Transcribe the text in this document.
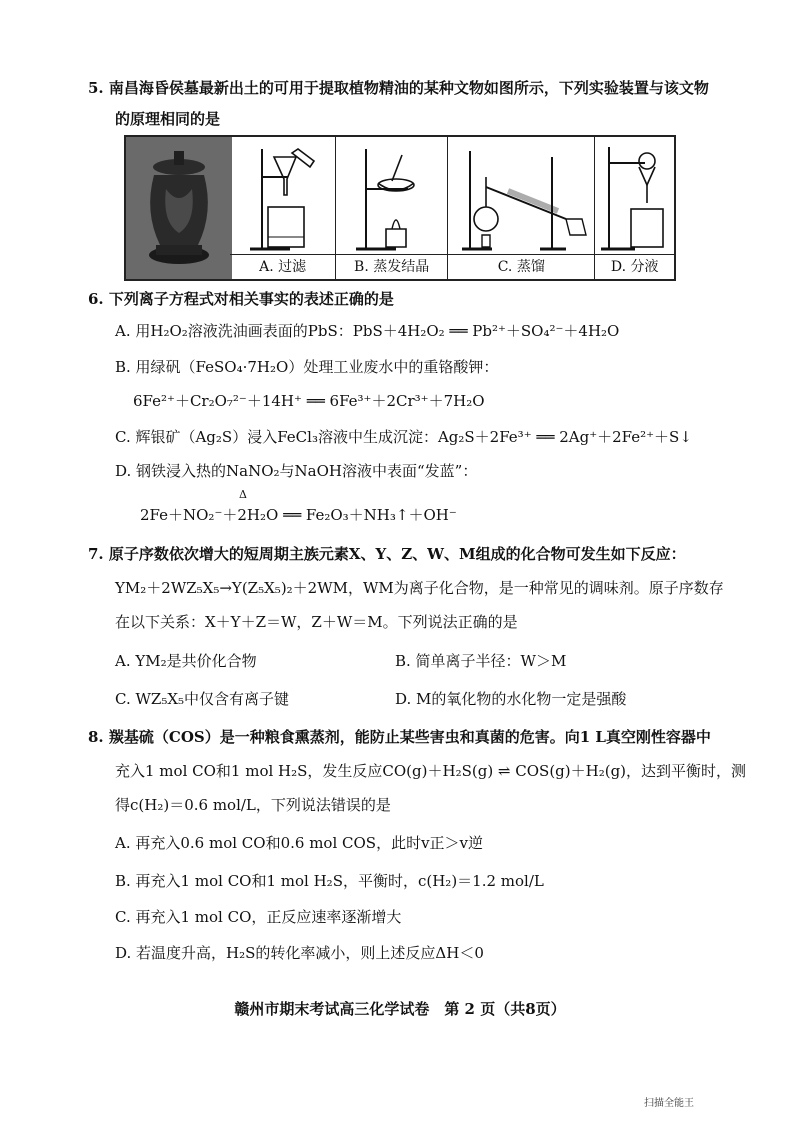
5. 南昌海昏侯墓最新出土的可用于提取植物精油的某种文物如图所示，下列实验装置与该文物
的原理相同的是
A. 过滤	B. 蒸发结晶	C. 蒸馏	D. 分液
6. 下列离子方程式对相关事实的表述正确的是
A. 用H₂O₂溶液洗油画表面的PbS：PbS＋4H₂O₂ ══ Pb²⁺＋SO₄²⁻＋4H₂O
B. 用绿矾（FeSO₄·7H₂O）处理工业废水中的重铬酸钾：
6Fe²⁺＋Cr₂O₇²⁻＋14H⁺ ══ 6Fe³⁺＋2Cr³⁺＋7H₂O
C. 辉银矿（Ag₂S）浸入FeCl₃溶液中生成沉淀：Ag₂S＋2Fe³⁺ ══ 2Ag⁺＋2Fe²⁺＋S↓
D. 钢铁浸入热的NaNO₂与NaOH溶液中表面“发蓝”：
Δ
2Fe＋NO₂⁻＋2H₂O ══ Fe₂O₃＋NH₃↑＋OH⁻
7. 原子序数依次增大的短周期主族元素X、Y、Z、W、M组成的化合物可发生如下反应：
YM₂＋2WZ₅X₅→Y(Z₅X₅)₂＋2WM，WM为离子化合物，是一种常见的调味剂。原子序数存
在以下关系：X＋Y＋Z＝W，Z＋W＝M。下列说法正确的是
A. YM₂是共价化合物	B. 简单离子半径：W＞M
C. WZ₅X₅中仅含有离子键	D. M的氧化物的水化物一定是强酸
8. 羰基硫（COS）是一种粮食熏蒸剂，能防止某些害虫和真菌的危害。向1 L真空刚性容器中
充入1 mol CO和1 mol H₂S，发生反应CO(g)＋H₂S(g) ⇌ COS(g)＋H₂(g)，达到平衡时，测
得c(H₂)＝0.6 mol/L，下列说法错误的是
A. 再充入0.6 mol CO和0.6 mol COS，此时v正＞v逆
B. 再充入1 mol CO和1 mol H₂S，平衡时，c(H₂)＝1.2 mol/L
C. 再充入1 mol CO，正反应速率逐渐增大
D. 若温度升高，H₂S的转化率减小，则上述反应ΔH＜0
赣州市期末考试高三化学试卷　第 2 页（共8页）
扫描全能王
